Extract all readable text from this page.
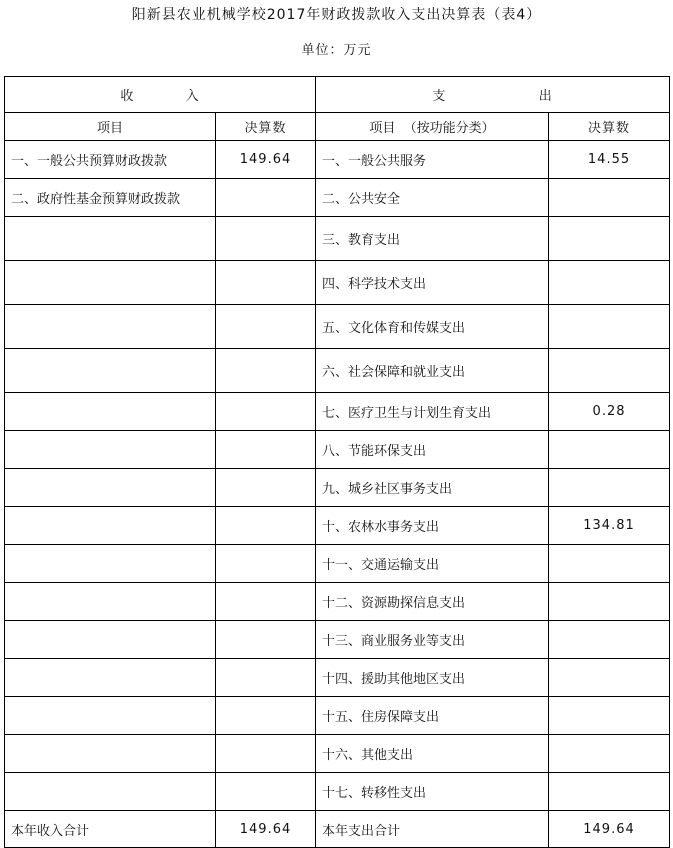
阳新县农业机械学校2017年财政拨款收入支出决算表（表4）
单位：万元
收          入		支                  出	
项目	决算数	项目  （按功能分类）	决算数
一、一般公共预算财政拨款	149.64	一、一般公共服务	14.55
二、政府性基金预算财政拨款		二、公共安全	
		三、教育支出	
		四、科学技术支出	
		五、文化体育和传媒支出	
		六、社会保障和就业支出	
		七、医疗卫生与计划生育支出	0.28
		八、节能环保支出	
		九、城乡社区事务支出	
		十、农林水事务支出	134.81
		十一、交通运输支出	
		十二、资源勘探信息支出	
		十三、商业服务业等支出	
		十四、援助其他地区支出	
		十五、住房保障支出	
		十六、其他支出	
		十七、转移性支出	
本年收入合计	149.64	本年支出合计	149.64
